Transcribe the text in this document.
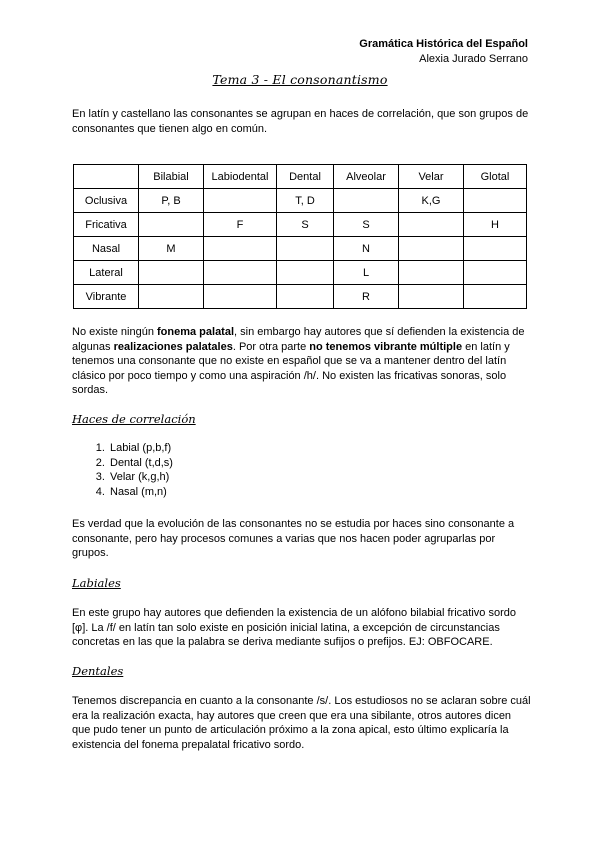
Gramática Histórica del Español
Alexia Jurado Serrano
Tema 3 - El consonantismo
En latín y castellano las consonantes se agrupan en haces de correlación, que son grupos de consonantes que tienen algo en común.
	Bilabial	Labiodental	Dental	Alveolar	Velar	Glotal
Oclusiva	P, B		T, D		K,G	
Fricativa		F	S	S		H
Nasal	M			N		
Lateral				L		
Vibrante				R		
No existe ningún fonema palatal, sin embargo hay autores que sí defienden la existencia de algunas realizaciones palatales. Por otra parte no tenemos vibrante múltiple en latín y tenemos una consonante que no existe en español que se va a mantener dentro del latín clásico por poco tiempo y como una aspiración /h/. No existen las fricativas sonoras, solo sordas.
Haces de correlación
1. Labial (p,b,f)
2. Dental (t,d,s)
3. Velar (k,g,h)
4. Nasal (m,n)
Es verdad que la evolución de las consonantes no se estudia por haces sino consonante a consonante, pero hay procesos comunes a varias que nos hacen poder agruparlas por grupos.
Labiales
En este grupo hay autores que defienden la existencia de un alófono bilabial fricativo sordo [φ]. La /f/ en latín tan solo existe en posición inicial latina, a excepción de circunstancias concretas en las que la palabra se deriva mediante sufijos o prefijos. EJ: OBFOCARE.
Dentales
Tenemos discrepancia en cuanto a la consonante /s/. Los estudiosos no se aclaran sobre cuál era la realización exacta, hay autores que creen que era una sibilante, otros autores dicen que pudo tener un punto de articulación próximo a la zona apical, esto último explicaría la existencia del fonema prepalatal fricativo sordo.
